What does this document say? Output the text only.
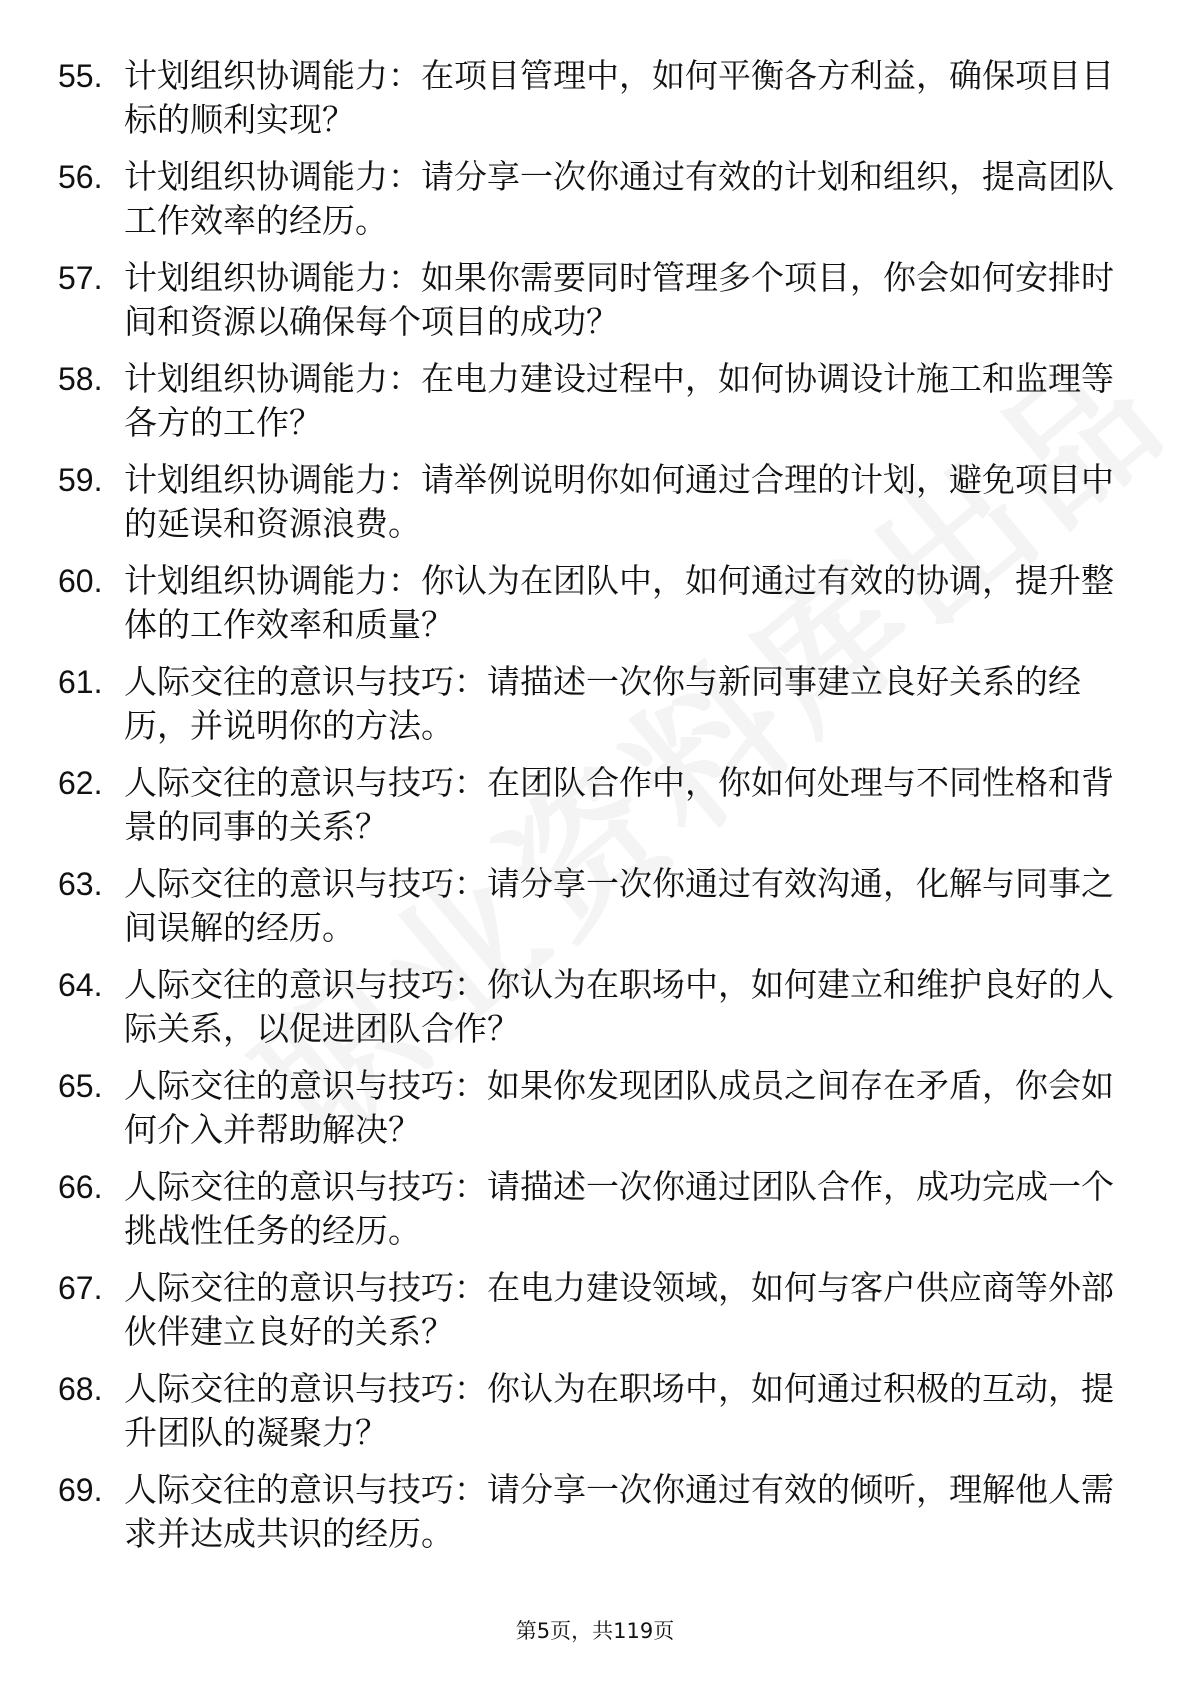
55. 计划组织协调能力：在项目管理中，如何平衡各方利益，确保项目目标的顺利实现？
56. 计划组织协调能力：请分享一次你通过有效的计划和组织，提高团队工作效率的经历。
57. 计划组织协调能力：如果你需要同时管理多个项目，你会如何安排时间和资源以确保每个项目的成功？
58. 计划组织协调能力：在电力建设过程中，如何协调设计施工和监理等各方的工作？
59. 计划组织协调能力：请举例说明你如何通过合理的计划，避免项目中的延误和资源浪费。
60. 计划组织协调能力：你认为在团队中，如何通过有效的协调，提升整体的工作效率和质量？
61. 人际交往的意识与技巧：请描述一次你与新同事建立良好关系的经历，并说明你的方法。
62. 人际交往的意识与技巧：在团队合作中，你如何处理与不同性格和背景的同事的关系？
63. 人际交往的意识与技巧：请分享一次你通过有效沟通，化解与同事之间误解的经历。
64. 人际交往的意识与技巧：你认为在职场中，如何建立和维护良好的人际关系，以促进团队合作？
65. 人际交往的意识与技巧：如果你发现团队成员之间存在矛盾，你会如何介入并帮助解决？
66. 人际交往的意识与技巧：请描述一次你通过团队合作，成功完成一个挑战性任务的经历。
67. 人际交往的意识与技巧：在电力建设领域，如何与客户供应商等外部伙伴建立良好的关系？
68. 人际交往的意识与技巧：你认为在职场中，如何通过积极的互动，提升团队的凝聚力？
69. 人际交往的意识与技巧：请分享一次你通过有效的倾听，理解他人需求并达成共识的经历。
第5页，共119页
